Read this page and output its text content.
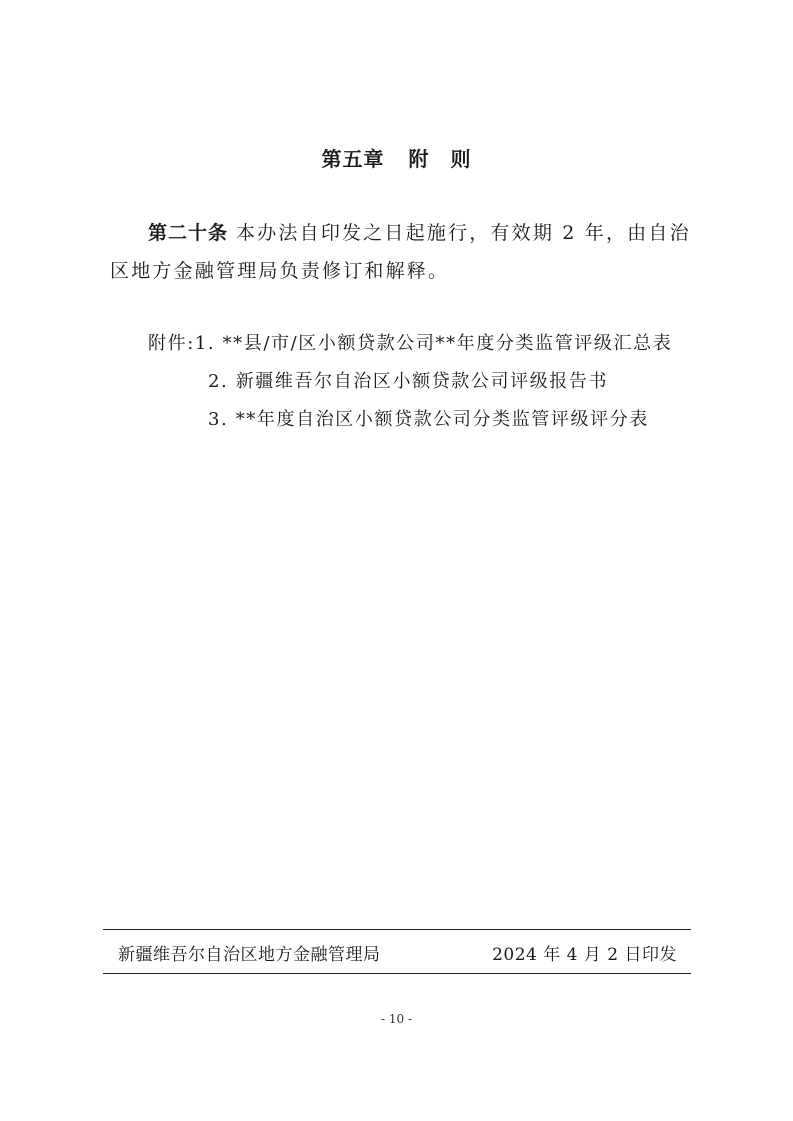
第五章 附　则
第二十条 本办法自印发之日起施行，有效期 2 年，由自治区地方金融管理局负责修订和解释。
附件: 1. **县/市/区小额贷款公司**年度分类监管评级汇总表
2. 新疆维吾尔自治区小额贷款公司评级报告书
3. **年度自治区小额贷款公司分类监管评级评分表
新疆维吾尔自治区地方金融管理局	2024 年 4 月 2 日印发
- 10 -
